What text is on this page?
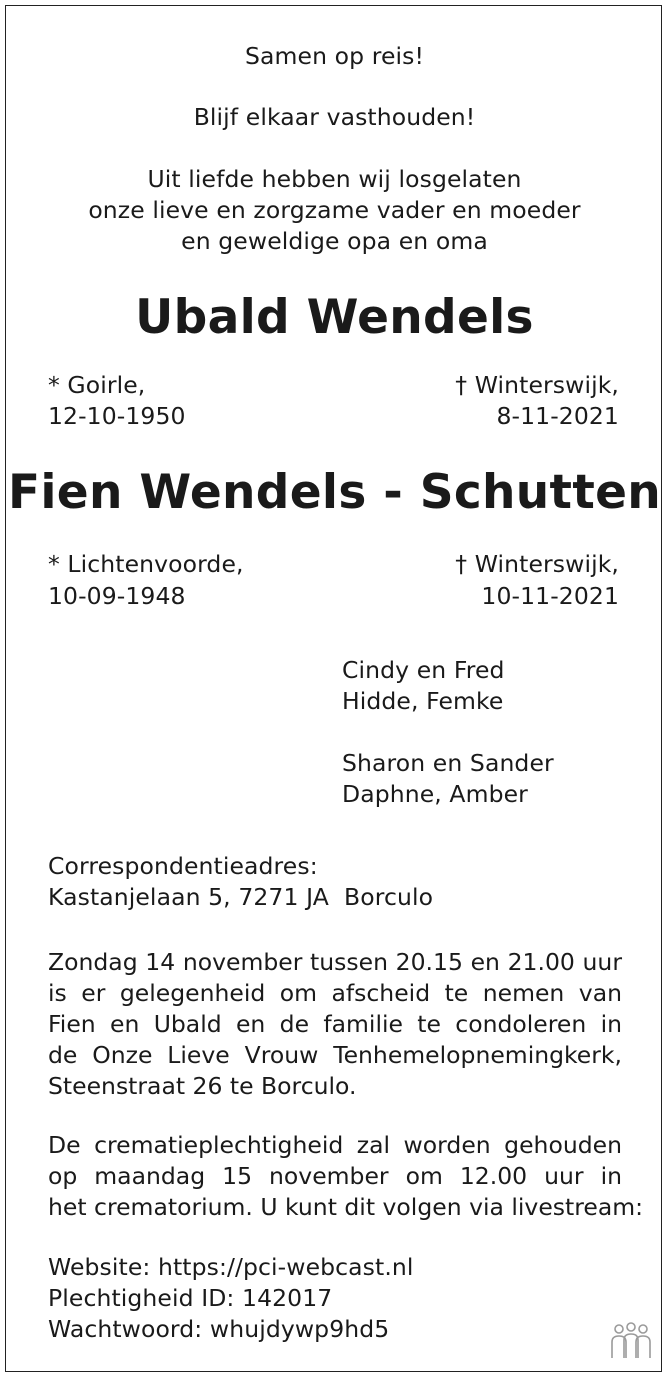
Samen op reis!

Blijf elkaar vasthouden!

Uit liefde hebben wij losgelaten

onze lieve en zorgzame vader en moeder

en geweldige opa en oma

Ubald Wendels

* Goirle,

12-10-1950

† Winterswijk,

8-11-2021

Fien Wendels - Schutten

* Lichtenvoorde,

10-09-1948

† Winterswijk,

10-11-2021

Cindy en Fred

Hidde, Femke

Sharon en Sander

Daphne, Amber

Correspondentieadres:

Kastanjelaan 5, 7271 JA  Borculo

Zondag 14 november tussen 20.15 en 21.00 uur

is er gelegenheid om afscheid te nemen van

Fien en Ubald en de familie te condoleren in

de Onze Lieve Vrouw Tenhemelopnemingkerk,

Steenstraat 26 te Borculo.

De crematieplechtigheid zal worden gehouden

op maandag 15 november om 12.00 uur in

het crematorium. U kunt dit volgen via livestream:

Website: https://pci-webcast.nl

Plechtigheid ID: 142017

Wachtwoord: whujdywp9hd5
